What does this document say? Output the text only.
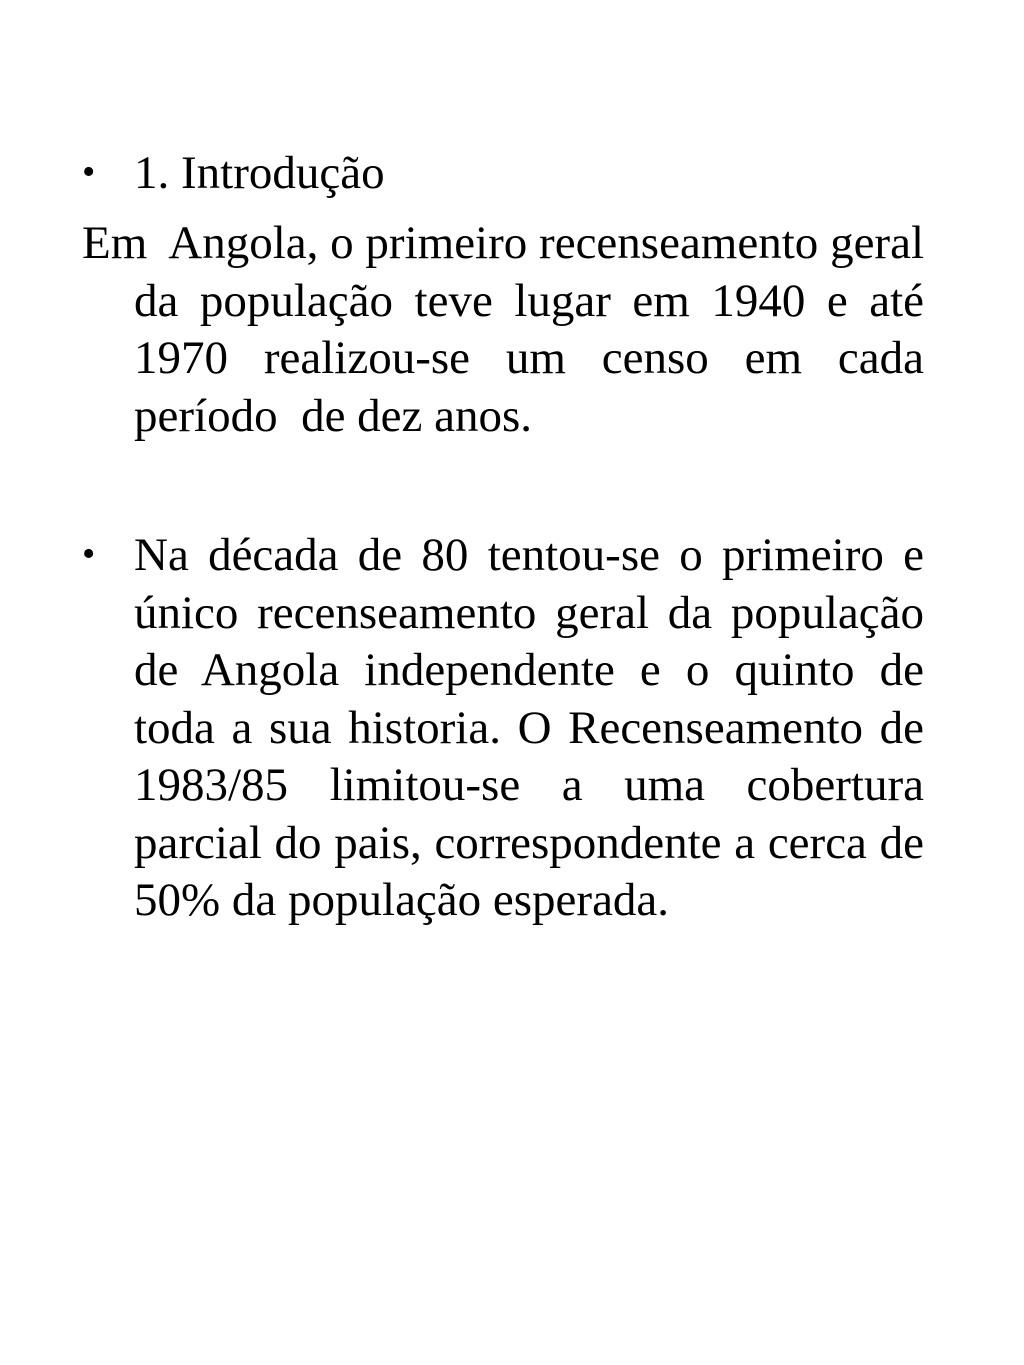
• 1. Introdução
Em  Angola, o primeiro recenseamento geral da população teve lugar em 1940 e até 1970 realizou-se um censo em cada período  de dez anos.
• Na década de 80 tentou-se o primeiro e único recenseamento geral da população de Angola independente e o quinto de toda a sua historia. O Recenseamento de 1983/85 limitou-se a uma cobertura parcial do pais, correspondente a cerca de 50% da população esperada.
